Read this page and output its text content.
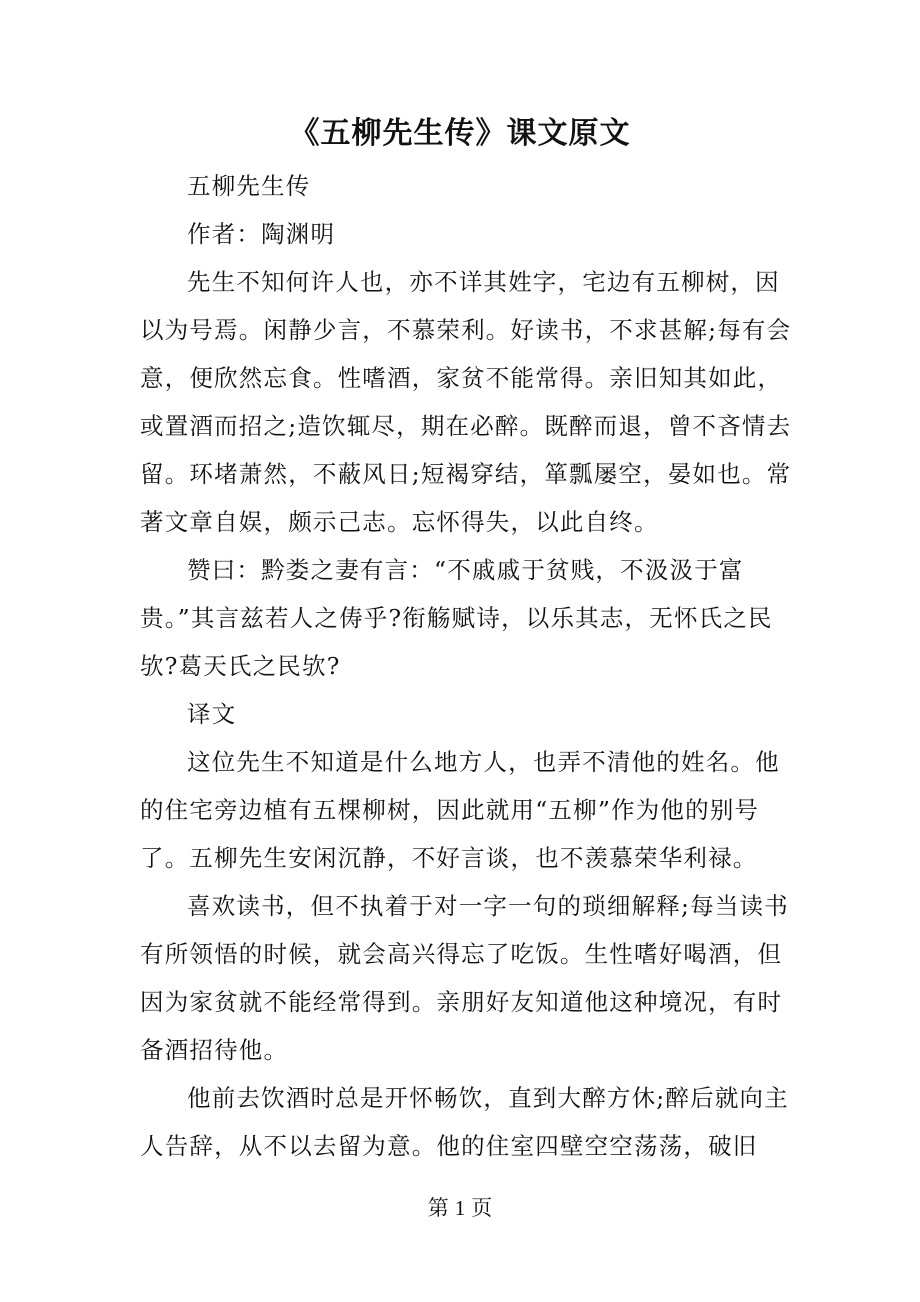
《五柳先生传》课文原文

五柳先生传

作者：陶渊明

先生不知何许人也，亦不详其姓字，宅边有五柳树，因以为号焉。闲静少言，不慕荣利。好读书，不求甚解;每有会意，便欣然忘食。性嗜酒，家贫不能常得。亲旧知其如此，或置酒而招之;造饮辄尽，期在必醉。既醉而退，曾不吝情去留。环堵萧然，不蔽风日;短褐穿结，箪瓢屡空，晏如也。常著文章自娱，颇示己志。忘怀得失，以此自终。

赞曰：黔娄之妻有言：“不戚戚于贫贱，不汲汲于富贵。”其言兹若人之俦乎?衔觞赋诗，以乐其志，无怀氏之民欤?葛天氏之民欤?

译文

这位先生不知道是什么地方人，也弄不清他的姓名。他的住宅旁边植有五棵柳树，因此就用“五柳”作为他的别号了。五柳先生安闲沉静，不好言谈，也不羡慕荣华利禄。

喜欢读书，但不执着于对一字一句的琐细解释;每当读书有所领悟的时候，就会高兴得忘了吃饭。生性嗜好喝酒，但因为家贫就不能经常得到。亲朋好友知道他这种境况，有时备酒招待他。

他前去饮酒时总是开怀畅饮，直到大醉方休;醉后就向主人告辞，从不以去留为意。他的住室四壁空空荡荡，破旧

第 1 页
